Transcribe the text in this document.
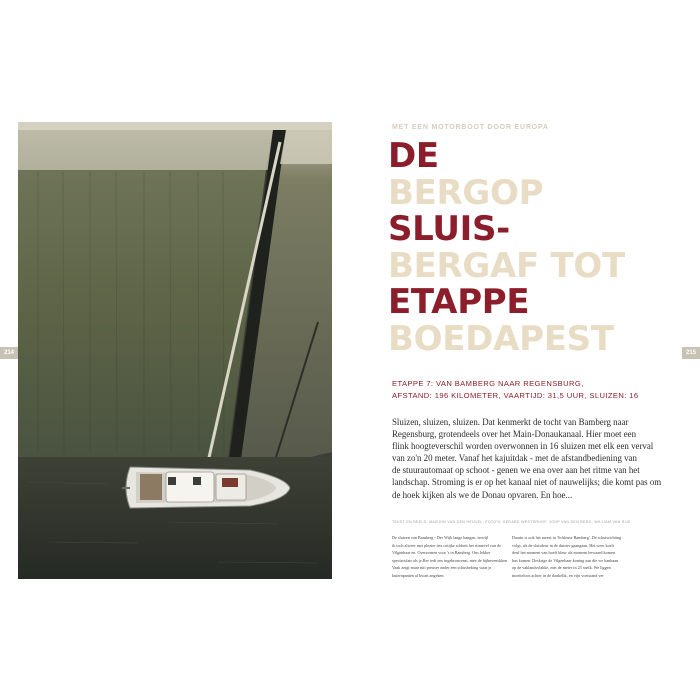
214	215
MET EEN MOTORBOOT DOOR EUROPA
DE
BERGOP
SLUIS-
BERGAF TOT
ETAPPE
BOEDAPEST
ETAPPE 7: VAN BAMBERG NAAR REGENSBURG,
AFSTAND: 196 KILOMETER, VAARTIJD: 31,5 UUR, SLUIZEN: 16
Sluizen, sluizen, sluizen. Dat kenmerkt de tocht van Bamberg naar
Regensburg, grotendeels over het Main-Donaukanaal. Hier moet een
flink hoogteverschil worden overwonnen in 16 sluizen met elk een verval
van zo'n 20 meter. Vanaf het kajuitdak - met de afstandbediening van
de stuurautomaat op schoot - genen we ena over aan het ritme van het
landschap. Stroming is er op het kanaal niet of nauwelijks; die komt pas om
de hoek kijken als we de Donau opvaren. En hoe...
TEKST EN BEELD: MARJON VAN DEN HEUVEL, FOTO'S: GERARD WESTERHOF, JOOP VAN DEN BERG, WILLIAM VAN RIJK
De sluizen van Bamberg - Der Wijk lange bangen, terwijl
ik toch alweer met plezier iets cotijke schheit het ritmevel van de
Vilgenhaar en. Overzornen voor 's in Bamberg. Ons lekker
spectaculair als je.Ber iedt ons ingebroncensi, mee de bijbnvenskken
Vaak zeigt maar mit preuser onder een schusbeking waar je
kuiernpanten al kwart angeken.
Daarin is ook het meest in 'Schleuse Bamberg'. De schutsrichting
volgt, als de sluisdeur in de duister gaangaan. Het weer koelt
deuf het moment van hoeft kleur als moment bewaard komen
bas komen. Deskrige de Vilgenhaar koning aan die we hanbaan
op de vaklandsvlakke, met de meter in 23 snelk. We liggen
moeiteloos achter in de donkelik, en vijn voetstand ver
